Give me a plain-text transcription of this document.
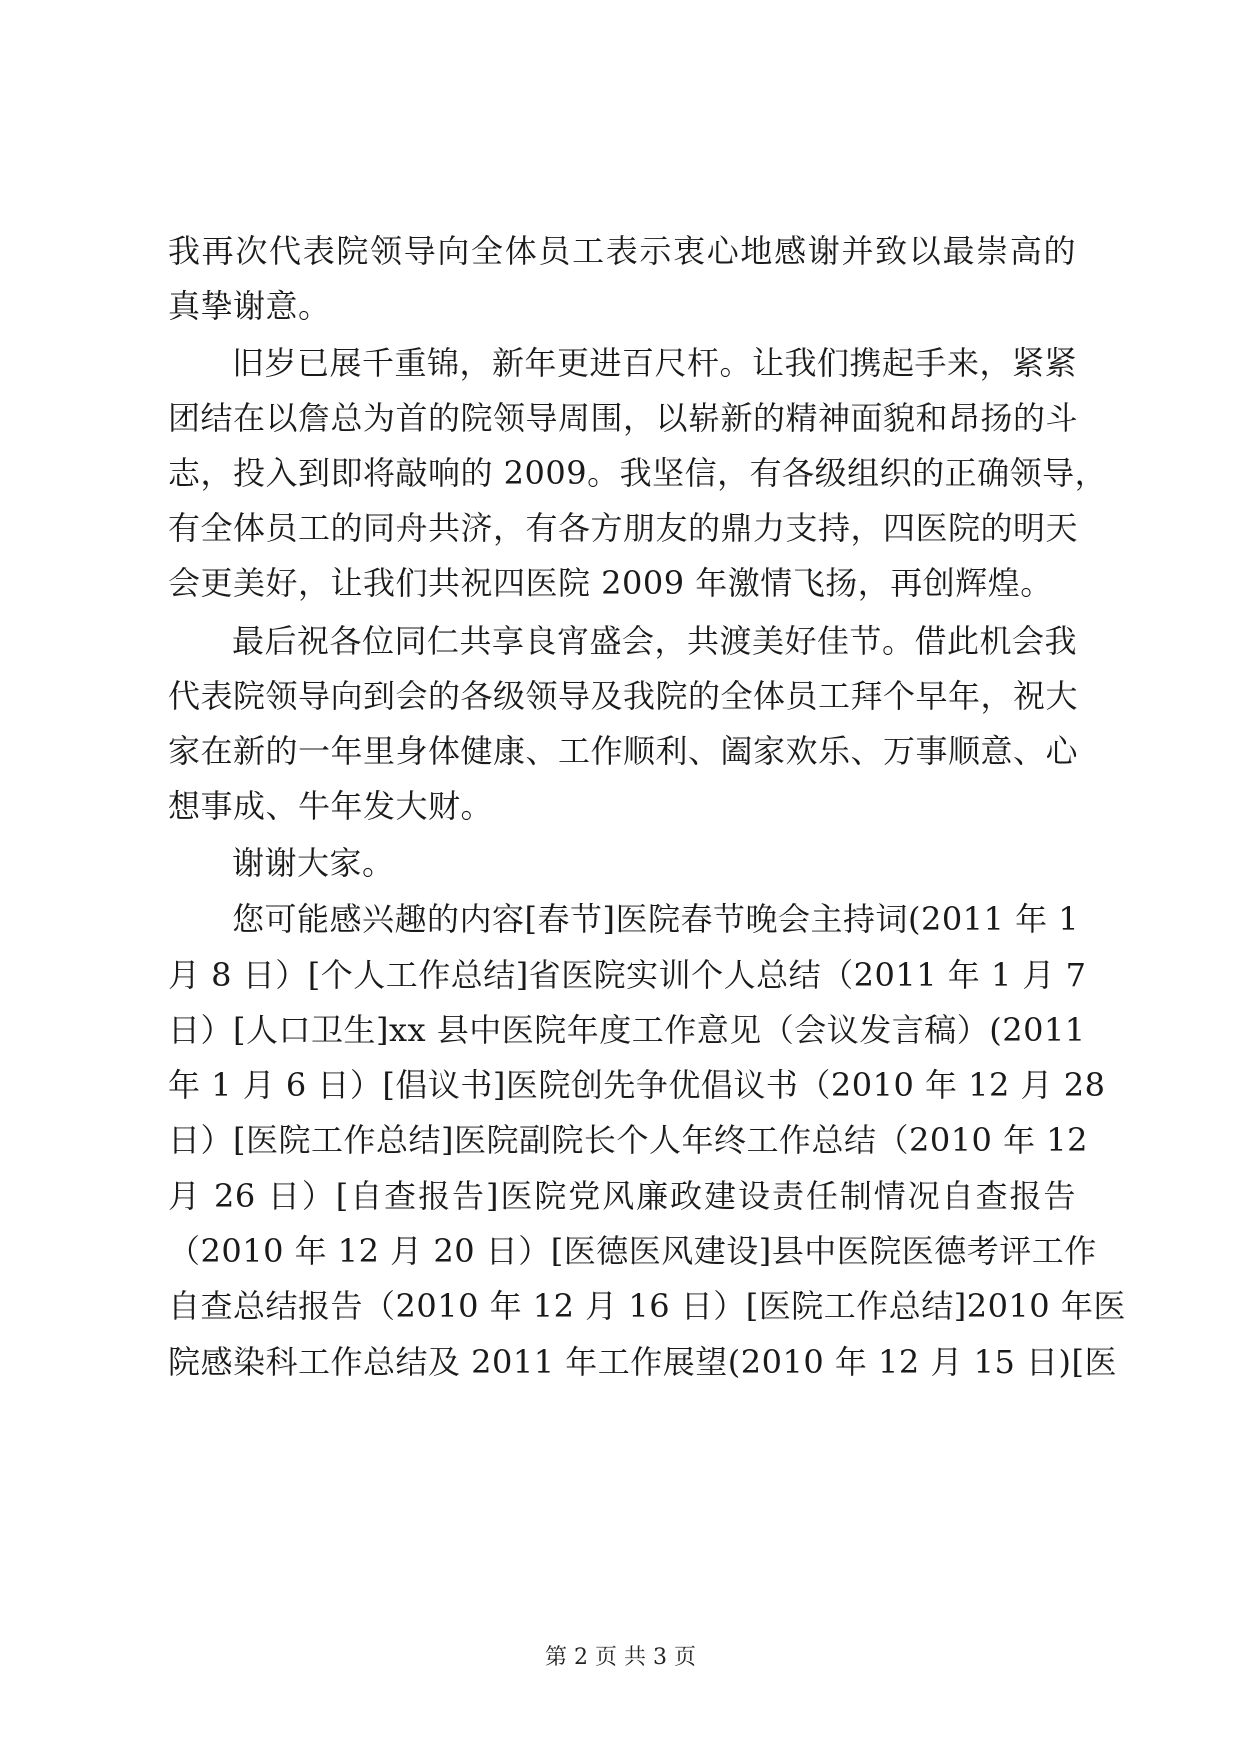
我再次代表院领导向全体员工表示衷心地感谢并致以最崇高的
真挚谢意。
旧岁已展千重锦，新年更进百尺杆。让我们携起手来，紧紧
团结在以詹总为首的院领导周围，以崭新的精神面貌和昂扬的斗
志，投入到即将敲响的 2009。我坚信，有各级组织的正确领导，
有全体员工的同舟共济，有各方朋友的鼎力支持，四医院的明天
会更美好，让我们共祝四医院 2009 年激情飞扬，再创辉煌。
最后祝各位同仁共享良宵盛会，共渡美好佳节。借此机会我
代表院领导向到会的各级领导及我院的全体员工拜个早年，祝大
家在新的一年里身体健康、工作顺利、阖家欢乐、万事顺意、心
想事成、牛年发大财。
谢谢大家。
您可能感兴趣的内容[春节]医院春节晚会主持词(2011 年 1
月 8 日）[个人工作总结]省医院实训个人总结（2011 年 1 月 7
日）[人口卫生]xx 县中医院年度工作意见（会议发言稿）(2011
年 1 月 6 日）[倡议书]医院创先争优倡议书（2010 年 12 月 28
日）[医院工作总结]医院副院长个人年终工作总结（2010 年 12
月 26 日）[自查报告]医院党风廉政建设责任制情况自查报告
（2010 年 12 月 20 日）[医德医风建设]县中医院医德考评工作
自查总结报告（2010 年 12 月 16 日）[医院工作总结]2010 年医
院感染科工作总结及 2011 年工作展望(2010 年 12 月 15 日)[医
第 2 页 共 3 页
